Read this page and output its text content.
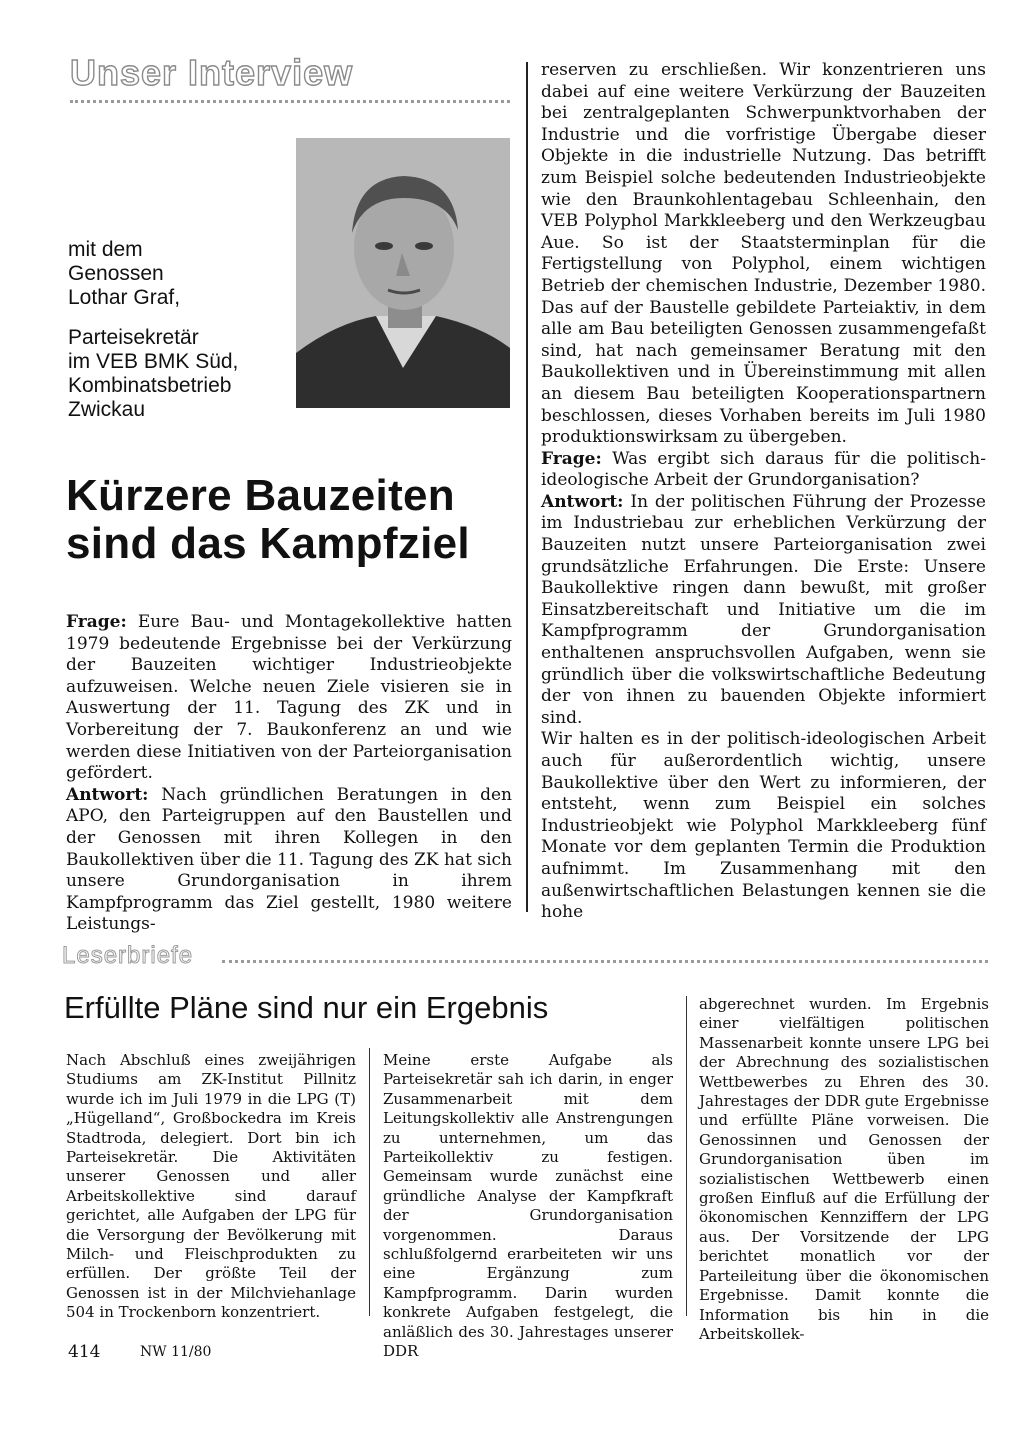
Unser Interview
mit dem
Genossen
Lothar Graf,
Parteisekretär
im VEB BMK Süd,
Kombinatsbetrieb
Zwickau
Kürzere Bauzeiten
sind das Kampfziel

Frage: Eure Bau- und Montagekollektive hatten 1979 bedeutende Ergebnisse bei der Verkürzung der Bauzeiten wichtiger Industrieobjekte aufzuweisen. Welche neuen Ziele visieren sie in Auswertung der 11. Tagung des ZK und in Vorbereitung der 7. Baukonferenz an und wie werden diese Initiativen von der Parteiorganisation gefördert.

Antwort: Nach gründlichen Beratungen in den APO, den Parteigruppen auf den Baustellen und der Genossen mit ihren Kollegen in den Baukollektiven über die 11. Tagung des ZK hat sich unsere Grundorganisation in ihrem Kampfprogramm das Ziel gestellt, 1980 weitere Leistungs-

reserven zu erschließen. Wir konzentrieren uns dabei auf eine weitere Verkürzung der Bauzeiten bei zentralgeplanten Schwerpunktvorhaben der Industrie und die vorfristige Übergabe dieser Objekte in die industrielle Nutzung. Das betrifft zum Beispiel solche bedeutenden Industrieobjekte wie den Braunkohlentagebau Schleenhain, den VEB Polyphol Markkleeberg und den Werkzeugbau Aue. So ist der Staatsterminplan für die Fertigstellung von Polyphol, einem wichtigen Betrieb der chemischen Industrie, Dezember 1980. Das auf der Baustelle gebildete Parteiaktiv, in dem alle am Bau beteiligten Genossen zusammengefaßt sind, hat nach gemeinsamer Beratung mit den Baukollektiven und in Übereinstimmung mit allen an diesem Bau beteiligten Kooperationspartnern beschlossen, dieses Vorhaben bereits im Juli 1980 produktionswirksam zu übergeben.

Frage: Was ergibt sich daraus für die politisch-ideologische Arbeit der Grundorganisation?

Antwort: In der politischen Führung der Prozesse im Industriebau zur erheblichen Verkürzung der Bauzeiten nutzt unsere Parteiorganisation zwei grundsätzliche Erfahrungen. Die Erste: Unsere Baukollektive ringen dann bewußt, mit großer Einsatzbereitschaft und Initiative um die im Kampfprogramm der Grundorganisation enthaltenen anspruchsvollen Aufgaben, wenn sie gründlich über die volkswirtschaftliche Bedeutung der von ihnen zu bauenden Objekte informiert sind.

Wir halten es in der politisch-ideologischen Arbeit auch für außerordentlich wichtig, unsere Baukollektive über den Wert zu informieren, der entsteht, wenn zum Beispiel ein solches Industrieobjekt wie Polyphol Markkleeberg fünf Monate vor dem geplanten Termin die Produktion aufnimmt. Im Zusammenhang mit den außenwirtschaftlichen Belastungen kennen sie die hohe

Leserbriefe
Erfüllte Pläne sind nur ein Ergebnis

Nach Abschluß eines zweijährigen Studiums am ZK-Institut Pillnitz wurde ich im Juli 1979 in die LPG (T) „Hügelland“, Großbockedra im Kreis Stadtroda, delegiert. Dort bin ich Parteisekretär. Die Aktivitäten unserer Genossen und aller Arbeitskollektive sind darauf gerichtet, alle Aufgaben der LPG für die Versorgung der Bevölkerung mit Milch- und Fleischprodukten zu erfüllen. Der größte Teil der Genossen ist in der Milchviehanlage 504 in Trockenborn konzentriert.

Meine erste Aufgabe als Parteisekretär sah ich darin, in enger Zusammenarbeit mit dem Leitungskollektiv alle Anstrengungen zu unternehmen, um das Parteikollektiv zu festigen. Gemeinsam wurde zunächst eine gründliche Analyse der Kampfkraft der Grundorganisation vorgenommen. Daraus schlußfolgernd erarbeiteten wir uns eine Ergänzung zum Kampfprogramm. Darin wurden konkrete Aufgaben festgelegt, die anläßlich des 30. Jahrestages unserer DDR

abgerechnet wurden. Im Ergebnis einer vielfältigen politischen Massenarbeit konnte unsere LPG bei der Abrechnung des sozialistischen Wettbewerbes zu Ehren des 30. Jahrestages der DDR gute Ergebnisse und erfüllte Pläne vorweisen. Die Genossinnen und Genossen der Grundorganisation üben im sozialistischen Wettbewerb einen großen Einfluß auf die Erfüllung der ökonomischen Kennziffern der LPG aus. Der Vorsitzende der LPG berichtet monatlich vor der Parteileitung über die ökonomischen Ergebnisse. Damit konnte die Information bis hin in die Arbeitskollek-

414	NW 11/80
